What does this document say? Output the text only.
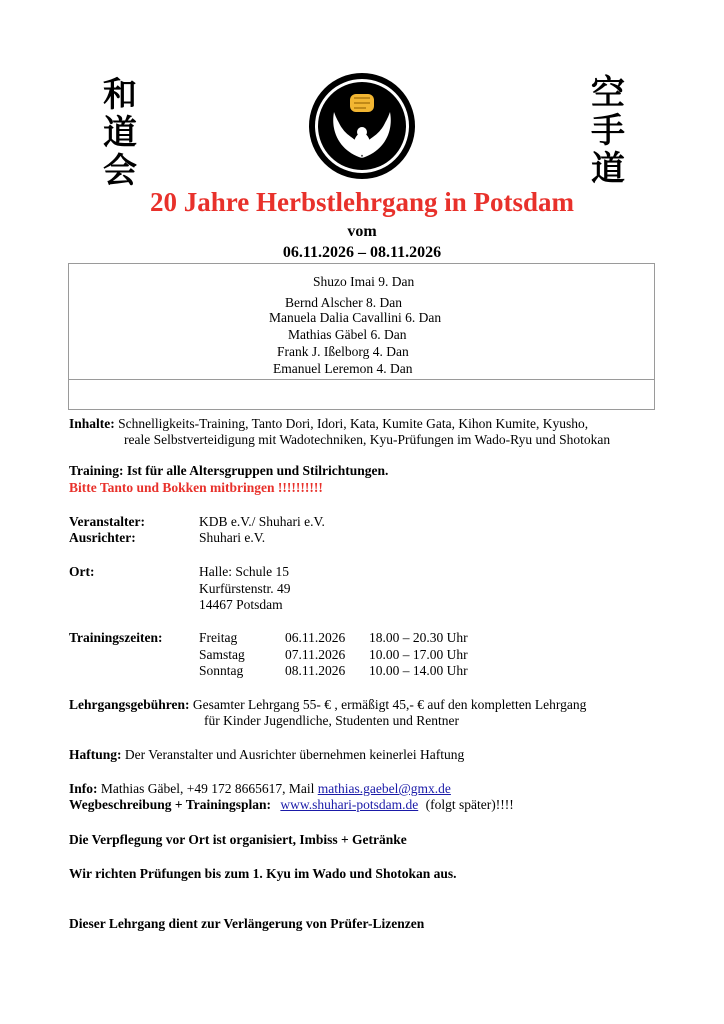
和
道
会
空
手
道
20 Jahre Herbstlehrgang in Potsdam
vom
06.11.2026 – 08.11.2026
Shuzo Imai 9. Dan
Bernd Alscher 8. Dan
Manuela Dalia Cavallini 6. Dan
Mathias Gäbel 6. Dan
Frank J. Ißelborg 4. Dan
Emanuel Leremon 4. Dan
Inhalte: Schnelligkeits-Training, Tanto Dori, Idori, Kata, Kumite Gata, Kihon Kumite, Kyusho,
reale Selbstverteidigung mit Wadotechniken, Kyu-Prüfungen im Wado-Ryu und Shotokan
Training: Ist für alle Altersgruppen und Stilrichtungen.
Bitte Tanto und Bokken mitbringen !!!!!!!!!!
Veranstalter:	KDB e.V./ Shuhari e.V.
Ausrichter:	Shuhari e.V.
Ort:	Halle: Schule 15
Kurfürstenstr. 49
14467 Potsdam
Trainingszeiten:	Freitag	06.11.2026 18.00 – 20.30 Uhr
Samstag	07.11.2026 10.00 – 17.00 Uhr
Sonntag	08.11.2026 10.00 – 14.00 Uhr
Lehrgangsgebühren: Gesamter Lehrgang 55- € , ermäßigt 45,- € auf den kompletten Lehrgang
für Kinder Jugendliche, Studenten und Rentner
Haftung: Der Veranstalter und Ausrichter übernehmen keinerlei Haftung
Info: Mathias Gäbel, +49 172 8665617, Mail mathias.gaebel@gmx.de
Wegbeschreibung + Trainingsplan: www.shuhari-potsdam.de (folgt später)!!!!
Die Verpflegung vor Ort ist organisiert, Imbiss + Getränke
Wir richten Prüfungen bis zum 1. Kyu im Wado und Shotokan aus.
Dieser Lehrgang dient zur Verlängerung von Prüfer-Lizenzen
